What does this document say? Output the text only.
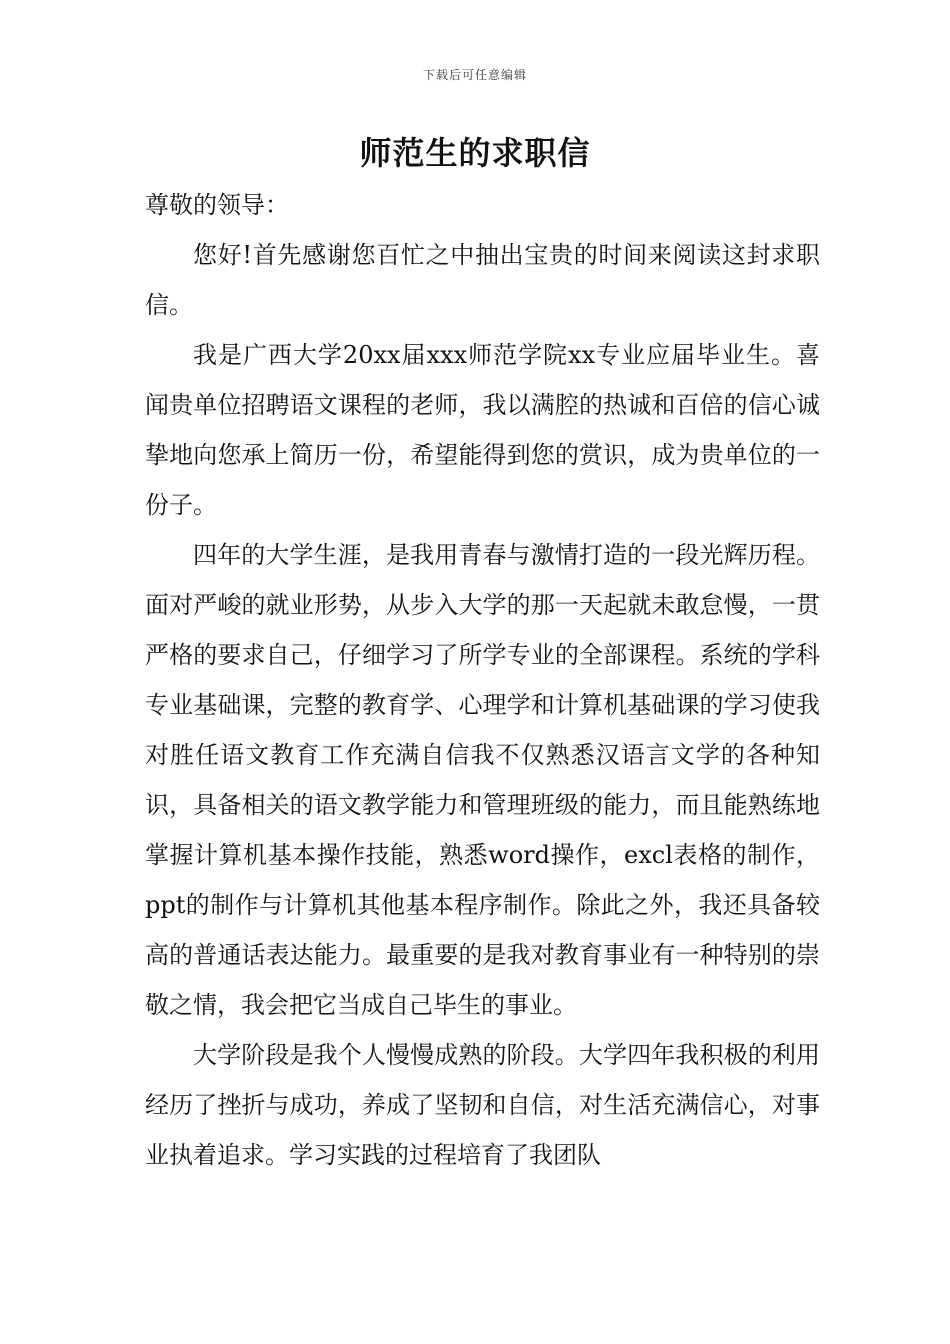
下载后可任意编辑
师范生的求职信

尊敬的领导：

您好!首先感谢您百忙之中抽出宝贵的时间来阅读这封求职信。

我是广西大学20xx届xxx师范学院xx专业应届毕业生。喜闻贵单位招聘语文课程的老师，我以满腔的热诚和百倍的信心诚挚地向您承上简历一份，希望能得到您的赏识，成为贵单位的一份子。

四年的大学生涯，是我用青春与激情打造的一段光辉历程。面对严峻的就业形势，从步入大学的那一天起就未敢怠慢，一贯严格的要求自己，仔细学习了所学专业的全部课程。系统的学科专业基础课，完整的教育学、心理学和计算机基础课的学习使我对胜任语文教育工作充满自信我不仅熟悉汉语言文学的各种知识，具备相关的语文教学能力和管理班级的能力，而且能熟练地掌握计算机基本操作技能，熟悉word操作，excl表格的制作，ppt的制作与计算机其他基本程序制作。除此之外，我还具备较高的普通话表达能力。最重要的是我对教育事业有一种特别的崇敬之情，我会把它当成自己毕生的事业。

大学阶段是我个人慢慢成熟的阶段。大学四年我积极的利用经历了挫折与成功，养成了坚韧和自信，对生活充满信心，对事业执着追求。学习实践的过程培育了我团队
